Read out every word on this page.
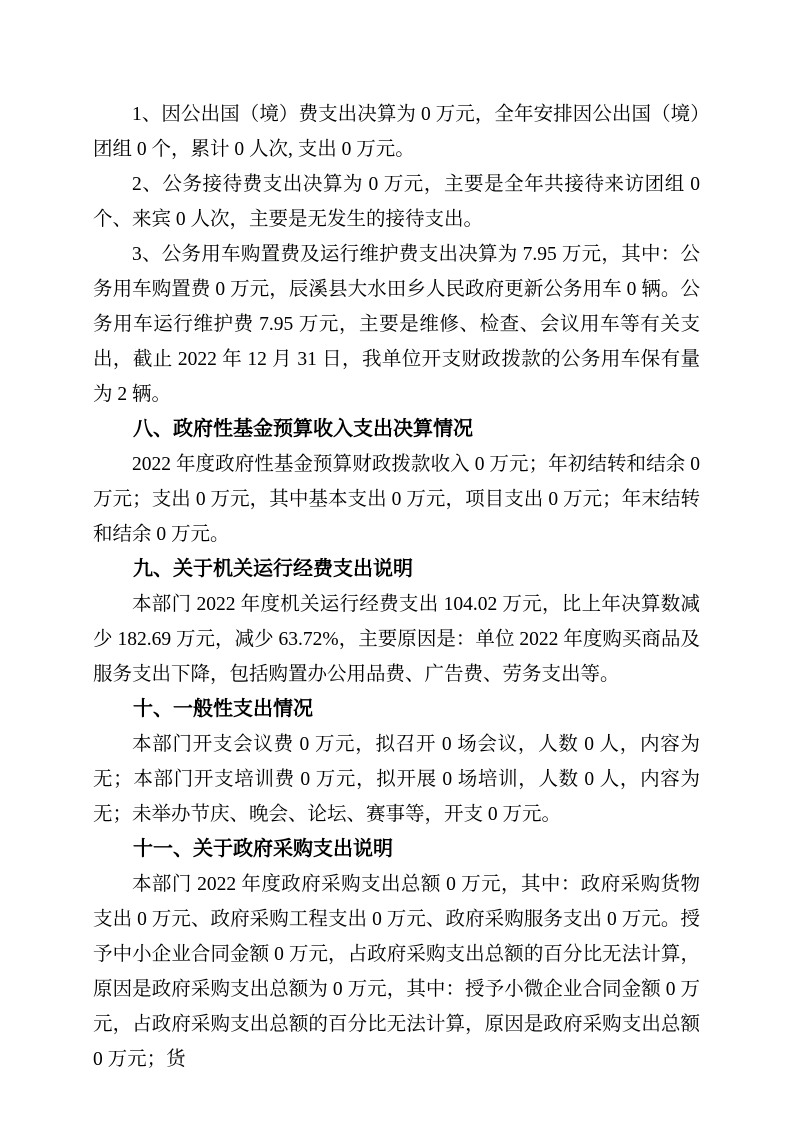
1、因公出国（境）费支出决算为 0 万元，全年安排因公出国（境）团组 0 个，累计 0 人次, 支出 0 万元。

2、公务接待费支出决算为 0 万元，主要是全年共接待来访团组 0 个、来宾 0 人次，主要是无发生的接待支出。

3、公务用车购置费及运行维护费支出决算为 7.95 万元，其中：公务用车购置费 0 万元，辰溪县大水田乡人民政府更新公务用车 0 辆。公务用车运行维护费 7.95 万元，主要是维修、检查、会议用车等有关支出，截止 2022 年 12 月 31 日，我单位开支财政拨款的公务用车保有量为 2 辆。

八、政府性基金预算收入支出决算情况

2022 年度政府性基金预算财政拨款收入 0 万元；年初结转和结余 0 万元；支出 0 万元，其中基本支出 0 万元，项目支出 0 万元；年末结转和结余 0 万元。

九、关于机关运行经费支出说明

本部门 2022 年度机关运行经费支出 104.02 万元，比上年决算数减少 182.69 万元，减少 63.72%，主要原因是：单位 2022 年度购买商品及服务支出下降，包括购置办公用品费、广告费、劳务支出等。

十、一般性支出情况

本部门开支会议费 0 万元，拟召开 0 场会议，人数 0 人，内容为无；本部门开支培训费 0 万元，拟开展 0 场培训，人数 0 人，内容为无；未举办节庆、晚会、论坛、赛事等，开支 0 万元。

十一、关于政府采购支出说明

本部门 2022 年度政府采购支出总额 0 万元，其中：政府采购货物支出 0 万元、政府采购工程支出 0 万元、政府采购服务支出 0 万元。授予中小企业合同金额 0 万元，占政府采购支出总额的百分比无法计算，原因是政府采购支出总额为 0 万元，其中：授予小微企业合同金额 0 万元，占政府采购支出总额的百分比无法计算，原因是政府采购支出总额 0 万元；货
